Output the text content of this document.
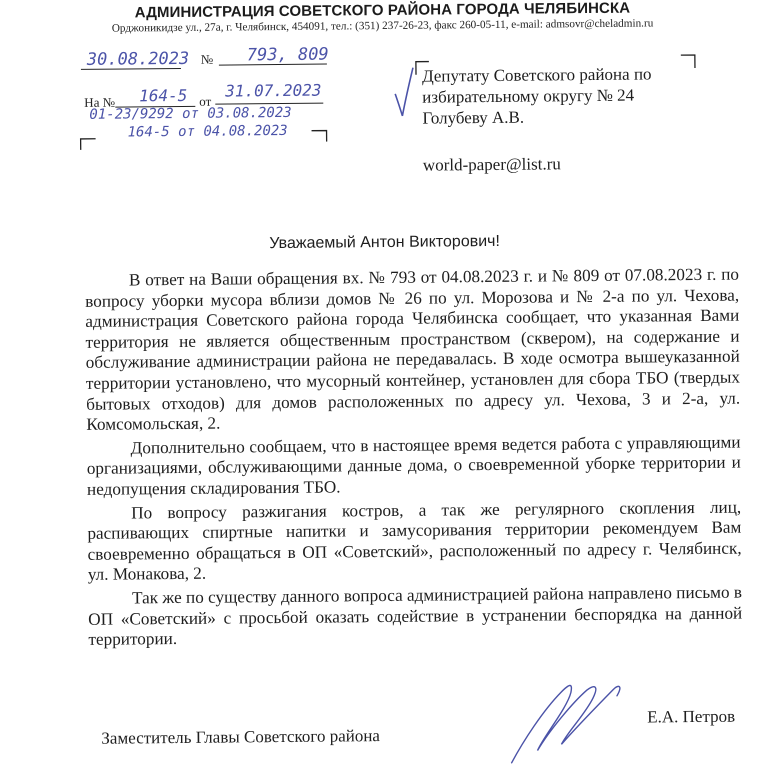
АДМИНИСТРАЦИЯ СОВЕТСКОГО РАЙОНА ГОРОДА ЧЕЛЯБИНСКА
Орджоникидзе ул., 27а, г. Челябинск, 454091, тел.: (351) 237-26-23, факс 260-05-11, e-mail: admsovr@cheladmin.ru
30.08.2023 № 793, 809
На № 164-5 от
31.07.2023
01-23/9292 от 03.08.2023
164-5 от 04.08.2023
Депутату Советского района по
избирательному округу № 24
Голубеву А.В.
world-paper@list.ru
Уважаемый Антон Викторович!

В ответ на Ваши обращения вх. № 793 от 04.08.2023 г. и № 809 от 07.08.2023 г. по вопросу уборки мусора вблизи домов № 26 по ул. Морозова и № 2-а по ул. Чехова, администрация Советского района города Челябинска сообщает, что указанная Вами территория не является общественным пространством (сквером), на содержание и обслуживание администрации района не передавалась. В ходе осмотра вышеуказанной территории установлено, что мусорный контейнер, установлен для сбора ТБО (твердых бытовых отходов) для домов расположенных по адресу ул. Чехова, 3 и 2-а, ул. Комсомольская, 2.

Дополнительно сообщаем, что в настоящее время ведется работа с управляющими организациями, обслуживающими данные дома, о своевременной уборке территории и недопущения складирования ТБО.

По вопросу разжигания костров, а так же регулярного скопления лиц, распивающих спиртные напитки и замусоривания территории рекомендуем Вам своевременно обращаться в ОП «Советский», расположенный по адресу г. Челябинск, ул. Монакова, 2.

Так же по существу данного вопроса администрацией района направлено письмо в ОП «Советский» с просьбой оказать содействие в устранении беспорядка на данной территории.

Заместитель Главы Советского района
Е.А. Петров
